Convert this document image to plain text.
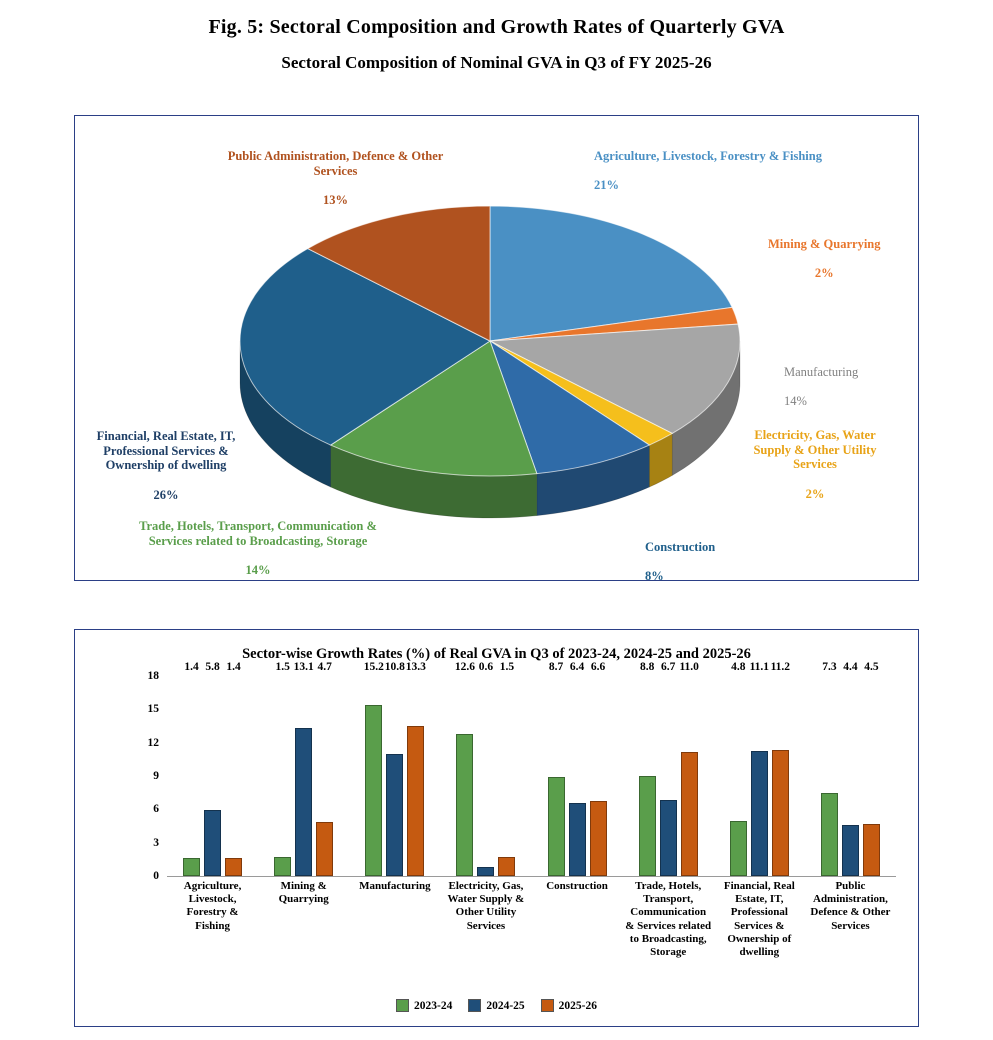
Fig. 5: Sectoral Composition and Growth Rates of Quarterly GVA
Sectoral Composition of Nominal GVA in Q3 of FY 2025-26

Agriculture, Livestock, Forestry & Fishing

21%

Mining & Quarrying

2%

Manufacturing

14%

Electricity, Gas, Water Supply & Other Utility Services

2%

Construction

8%

Trade, Hotels, Transport, Communication & Services related to Broadcasting, Storage

14%

Financial, Real Estate, IT, Professional Services & Ownership of dwelling

26%

Public Administration, Defence & Other Services

13%

Sector-wise Growth Rates (%) of Real GVA in Q3 of 2023-24, 2024-25 and 2025-26
0
3
6
9
12
15
18
1.4 5.8 1.4	1.5 13.1 4.7	15.2 10.8 13.3	12.6 0.6 1.5	8.7 6.4 6.6	8.8 6.7 11.0	4.8 11.1 11.2	7.3 4.4 4.5
Agriculture, Livestock, Forestry & Fishing
Mining & Quarrying
Manufacturing	Electricity, Gas, Water Supply & Other Utility Services
Construction	Trade, Hotels, Transport, Communication & Services related to Broadcasting, Storage
Financial, Real Estate, IT, Professional Services & Ownership of dwelling
Public Administration, Defence & Other Services
2023-24	2024-25	2025-26
